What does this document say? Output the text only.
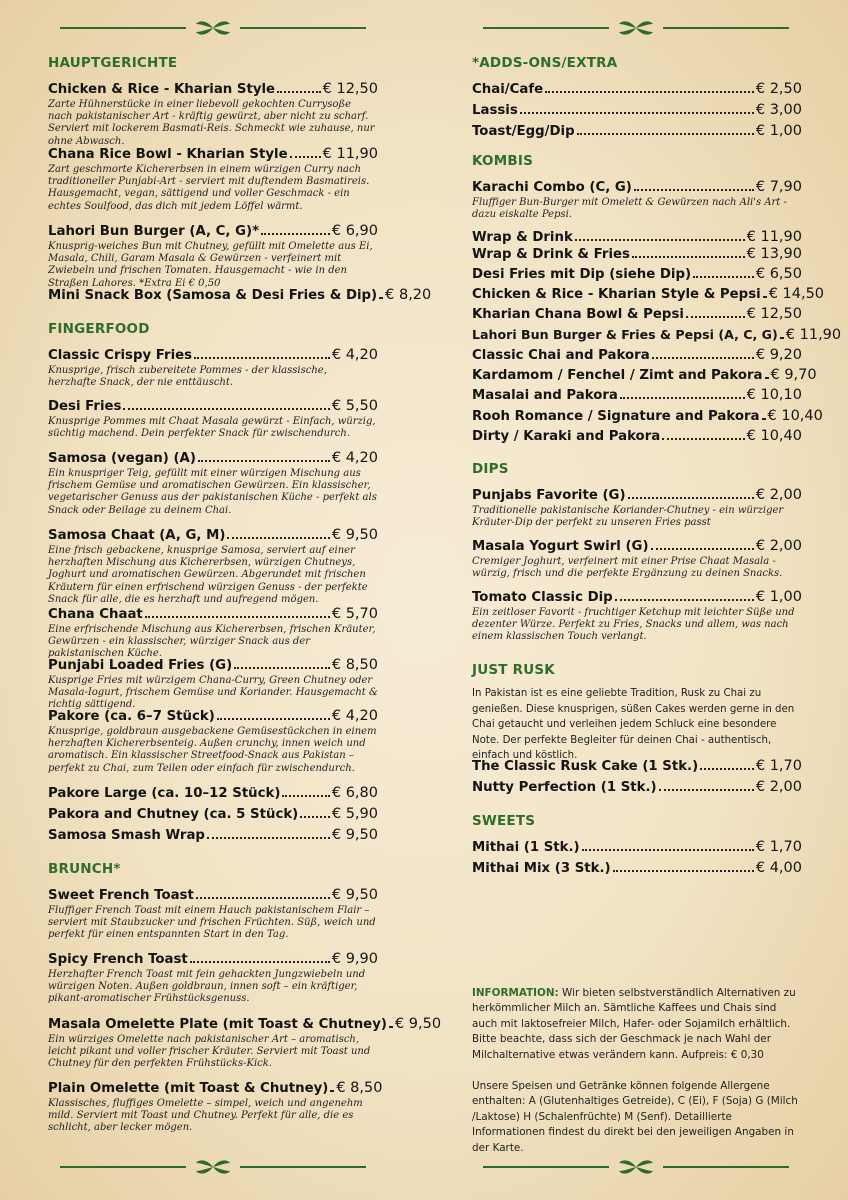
HAUPTGERICHTE
Chicken & Rice - Kharian Style	€ 12,50
Zarte Hühnerstücke in einer liebevoll gekochten Currysoße nach pakistanischer Art - kräftig gewürzt, aber nicht zu scharf. Serviert mit lockerem Basmati-Reis. Schmeckt wie zuhause, nur ohne Abwasch.
Chana Rice Bowl - Kharian Style € 11,90
Zart geschmorte Kichererbsen in einem würzigen Curry nach traditioneller Punjabi-Art - serviert mit duftendem Basmatireis. Hausgemacht, vegan, sättigend und voller Geschmack - ein echtes Soulfood, das dich mit jedem Löffel wärmt.
Lahori Bun Burger (A, C, G)*	€ 6,90
Knusprig-weiches Bun mit Chutney, gefüllt mit Omelette aus Ei, Masala, Chili, Garam Masala & Gewürzen - verfeinert mit Zwiebeln und frischen Tomaten. Hausgemacht - wie in den Straßen Lahores. *Extra Ei € 0,50
Mini Snack Box (Samosa & Desi Fries & Dip) € 8,20
FINGERFOOD
Classic Crispy Fries	€ 4,20
Knusprige, frisch zubereitete Pommes - der klassische, herzhafte Snack, der nie enttäuscht.
Desi Fries	€ 5,50
Knusprige Pommes mit Chaat Masala gewürzt - Einfach, würzig, süchtig machend. Dein perfekter Snack für zwischendurch.
Samosa (vegan) (A)	€ 4,20
Ein knuspriger Teig, gefüllt mit einer würzigen Mischung aus frischem Gemüse und aromatischen Gewürzen. Ein klassischer, vegetarischer Genuss aus der pakistanischen Küche - perfekt als Snack oder Beilage zu deinem Chai.
Samosa Chaat (A, G, M)	€ 9,50
Eine frisch gebackene, knusprige Samosa, serviert auf einer herzhaften Mischung aus Kichererbsen, würzigen Chutneys, Joghurt und aromatischen Gewürzen. Abgerundet mit frischen Kräutern für einen erfrischend würzigen Genuss - der perfekte Snack für alle, die es herzhaft und aufregend mögen.
Chana Chaat	€ 5,70
Eine erfrischende Mischung aus Kichererbsen, frischen Kräuter, Gewürzen - ein klassischer, würziger Snack aus der pakistanischen Küche.
Punjabi Loaded Fries (G)	€ 8,50
Kusprige Fries mit würzigem Chana-Curry, Green Chutney oder Masala-Iogurt, frischem Gemüse und Koriander. Hausgemacht & richtig sättigend.
Pakore (ca. 6–7 Stück)	€ 4,20
Knusprige, goldbraun ausgebackene Gemüsestückchen in einem herzhaften Kichererbsenteig. Außen crunchy, innen weich und aromatisch. Ein klassischer Streetfood-Snack aus Pakistan – perfekt zu Chai, zum Teilen oder einfach für zwischendurch.
Pakore Large (ca. 10–12 Stück)	€ 6,80
Pakora and Chutney (ca. 5 Stück) € 5,90
Samosa Smash Wrap	€ 9,50
BRUNCH*
Sweet French Toast	€ 9,50
Fluffiger French Toast mit einem Hauch pakistanischem Flair – serviert mit Staubzucker und frischen Früchten. Süß, weich und perfekt für einen entspannten Start in den Tag.
Spicy French Toast	€ 9,90
Herzhafter French Toast mit fein gehackten Jungzwiebeln und würzigen Noten. Außen goldbraun, innen soft – ein kräftiger, pikant-aromatischer Frühstücksgenuss.
Masala Omelette Plate (mit Toast & Chutney) € 9,50
Ein würziges Omelette nach pakistanischer Art – aromatisch, leicht pikant und voller frischer Kräuter. Serviert mit Toast und Chutney für den perfekten Frühstücks-Kick.
Plain Omelette (mit Toast & Chutney) € 8,50
Klassisches, fluffiges Omelette – simpel, weich und angenehm mild. Serviert mit Toast und Chutney. Perfekt für alle, die es schlicht, aber lecker mögen.
*ADDS-ONS/EXTRA
Chai/Cafe	€ 2,50
Lassis	€ 3,00
Toast/Egg/Dip	€ 1,00
KOMBIS
Karachi Combo (C, G)	€ 7,90
Fluffiger Bun-Burger mit Omelett & Gewürzen nach Ali's Art - dazu eiskalte Pepsi.
Wrap & Drink	€ 11,90
Wrap & Drink & Fries	€ 13,90
Desi Fries mit Dip (siehe Dip)	€ 6,50
Chicken & Rice - Kharian Style & Pepsi € 14,50
Kharian Chana Bowl & Pepsi	€ 12,50
Lahori Bun Burger & Fries & Pepsi (A, C, G) € 11,90
Classic Chai and Pakora	€ 9,20
Kardamom / Fenchel / Zimt and Pakora € 9,70
Masalai and Pakora	€ 10,10
Rooh Romance / Signature and Pakora € 10,40
Dirty / Karaki and Pakora	€ 10,40
DIPS
Punjabs Favorite (G)	€ 2,00
Traditionelle pakistanische Koriander-Chutney - ein würziger Kräuter-Dip der perfekt zu unseren Fries passt
Masala Yogurt Swirl (G)	€ 2,00
Cremiger Joghurt, verfeinert mit einer Prise Chaat Masala - würzig, frisch und die perfekte Ergänzung zu deinen Snacks.
Tomato Classic Dip	€ 1,00
Ein zeitloser Favorit - fruchtiger Ketchup mit leichter Süße und dezenter Würze. Perfekt zu Fries, Snacks und allem, was nach einem klassischen Touch verlangt.
JUST RUSK
In Pakistan ist es eine geliebte Tradition, Rusk zu Chai zu genießen. Diese knusprigen, süßen Cakes werden gerne in den Chai getaucht und verleihen jedem Schluck eine besondere Note. Der perfekte Begleiter für deinen Chai - authentisch, einfach und köstlich.
The Classic Rusk Cake (1 Stk.)	€ 1,70
Nutty Perfection (1 Stk.)	€ 2,00
SWEETS
Mithai (1 Stk.)	€ 1,70
Mithai Mix (3 Stk.)	€ 4,00
INFORMATION: Wir bieten selbstverständlich Alternativen zu herkömmlicher Milch an. Sämtliche Kaffees und Chais sind auch mit laktosefreier Milch, Hafer- oder Sojamilch erhältlich. Bitte beachte, dass sich der Geschmack je nach Wahl der Milchalternative etwas verändern kann. Aufpreis: € 0,30
Unsere Speisen und Getränke können folgende Allergene enthalten: A (Glutenhaltiges Getreide), C (Ei), F (Soja) G (Milch /Laktose) H (Schalenfrüchte) M (Senf). Detaillierte Informationen findest du direkt bei den jeweiligen Angaben in der Karte.
